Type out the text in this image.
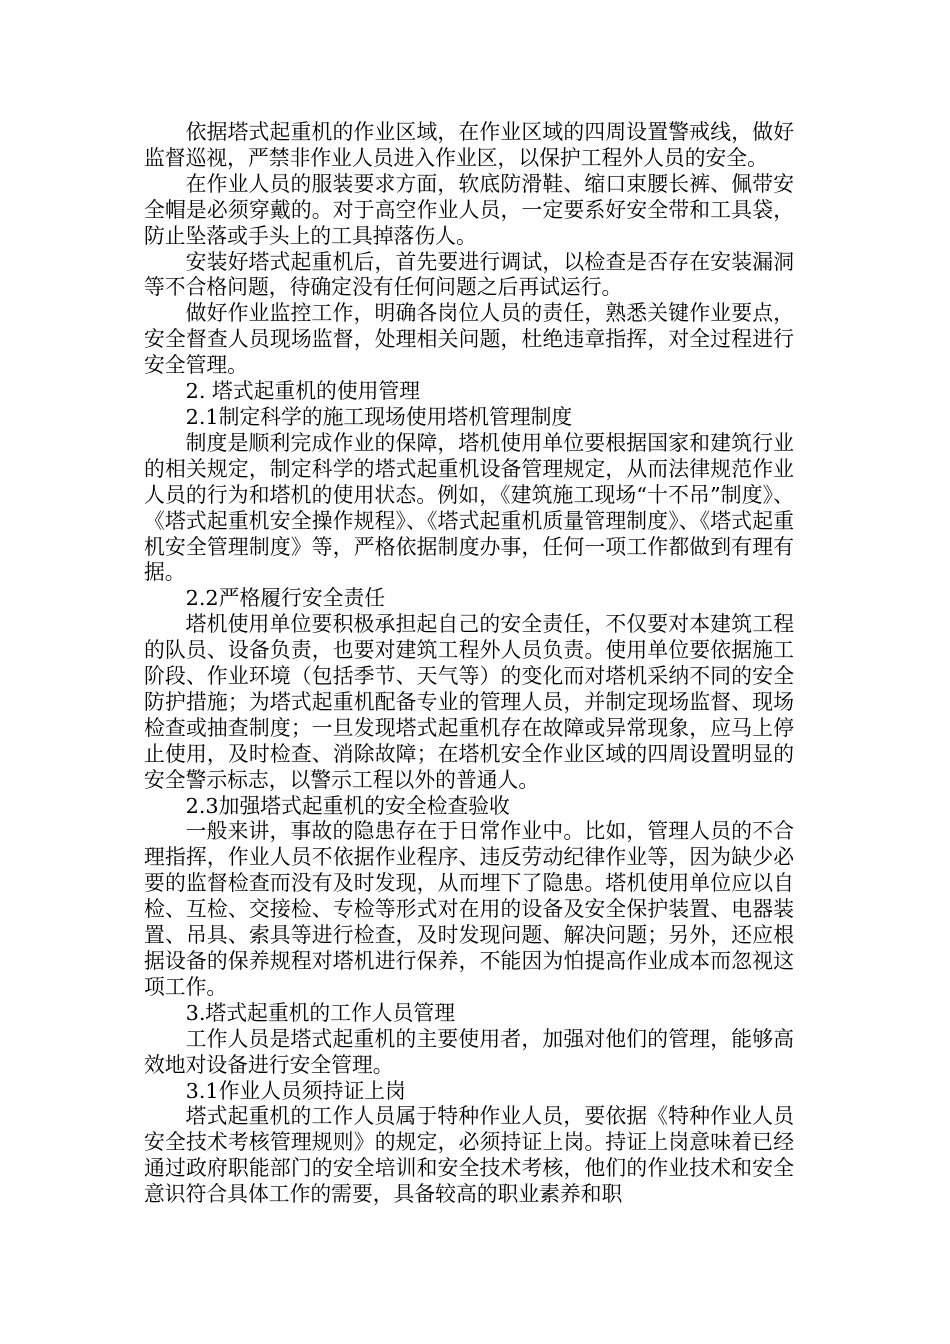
依据塔式起重机的作业区域，在作业区域的四周设置警戒线，做好监督巡视，严禁非作业人员进入作业区，以保护工程外人员的安全。

在作业人员的服装要求方面，软底防滑鞋、缩口束腰长裤、佩带安全帽是必须穿戴的。对于高空作业人员，一定要系好安全带和工具袋，防止坠落或手头上的工具掉落伤人。

安装好塔式起重机后，首先要进行调试，以检查是否存在安装漏洞等不合格问题，待确定没有任何问题之后再试运行。

做好作业监控工作，明确各岗位人员的责任，熟悉关键作业要点，安全督查人员现场监督，处理相关问题，杜绝违章指挥，对全过程进行安全管理。

2. 塔式起重机的使用管理

2.1制定科学的施工现场使用塔机管理制度

制度是顺利完成作业的保障，塔机使用单位要根据国家和建筑行业的相关规定，制定科学的塔式起重机设备管理规定，从而法律规范作业人员的行为和塔机的使用状态。例如，《建筑施工现场“十不吊”制度》、《塔式起重机安全操作规程》、《塔式起重机质量管理制度》、《塔式起重机安全管理制度》等，严格依据制度办事，任何一项工作都做到有理有据。

2.2严格履行安全责任

塔机使用单位要积极承担起自己的安全责任，不仅要对本建筑工程的队员、设备负责，也要对建筑工程外人员负责。使用单位要依据施工阶段、作业环境（包括季节、天气等）的变化而对塔机采纳不同的安全防护措施；为塔式起重机配备专业的管理人员，并制定现场监督、现场检查或抽查制度；一旦发现塔式起重机存在故障或异常现象，应马上停止使用，及时检查、消除故障；在塔机安全作业区域的四周设置明显的安全警示标志，以警示工程以外的普通人。

2.3加强塔式起重机的安全检查验收

一般来讲，事故的隐患存在于日常作业中。比如，管理人员的不合理指挥，作业人员不依据作业程序、违反劳动纪律作业等，因为缺少必要的监督检查而没有及时发现，从而埋下了隐患。塔机使用单位应以自检、互检、交接检、专检等形式对在用的设备及安全保护装置、电器装置、吊具、索具等进行检查，及时发现问题、解决问题；另外，还应根据设备的保养规程对塔机进行保养，不能因为怕提高作业成本而忽视这项工作。

3.塔式起重机的工作人员管理

工作人员是塔式起重机的主要使用者，加强对他们的管理，能够高效地对设备进行安全管理。

3.1作业人员须持证上岗

塔式起重机的工作人员属于特种作业人员，要依据《特种作业人员安全技术考核管理规则》的规定，必须持证上岗。持证上岗意味着已经通过政府职能部门的安全培训和安全技术考核，他们的作业技术和安全意识符合具体工作的需要，具备较高的职业素养和职
